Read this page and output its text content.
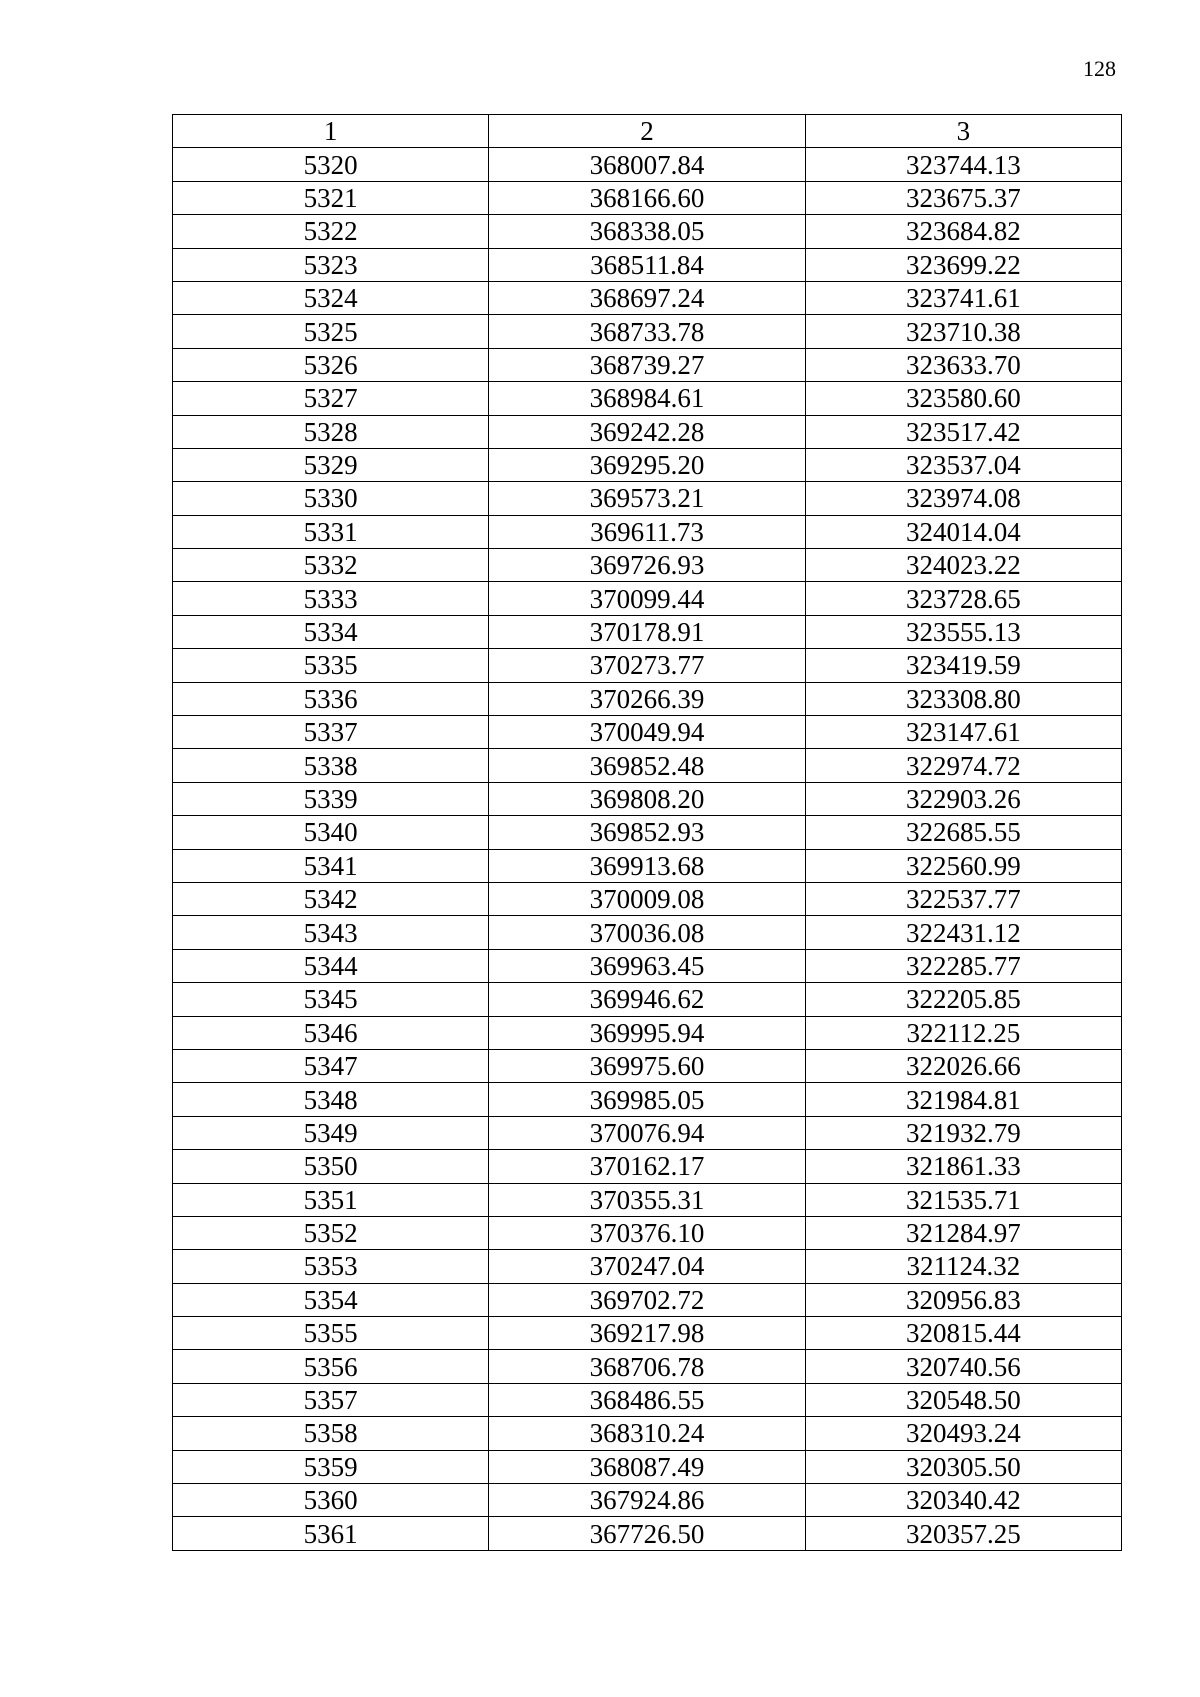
128
1	2	3
5320	368007.84	323744.13
5321	368166.60	323675.37
5322	368338.05	323684.82
5323	368511.84	323699.22
5324	368697.24	323741.61
5325	368733.78	323710.38
5326	368739.27	323633.70
5327	368984.61	323580.60
5328	369242.28	323517.42
5329	369295.20	323537.04
5330	369573.21	323974.08
5331	369611.73	324014.04
5332	369726.93	324023.22
5333	370099.44	323728.65
5334	370178.91	323555.13
5335	370273.77	323419.59
5336	370266.39	323308.80
5337	370049.94	323147.61
5338	369852.48	322974.72
5339	369808.20	322903.26
5340	369852.93	322685.55
5341	369913.68	322560.99
5342	370009.08	322537.77
5343	370036.08	322431.12
5344	369963.45	322285.77
5345	369946.62	322205.85
5346	369995.94	322112.25
5347	369975.60	322026.66
5348	369985.05	321984.81
5349	370076.94	321932.79
5350	370162.17	321861.33
5351	370355.31	321535.71
5352	370376.10	321284.97
5353	370247.04	321124.32
5354	369702.72	320956.83
5355	369217.98	320815.44
5356	368706.78	320740.56
5357	368486.55	320548.50
5358	368310.24	320493.24
5359	368087.49	320305.50
5360	367924.86	320340.42
5361	367726.50	320357.25
